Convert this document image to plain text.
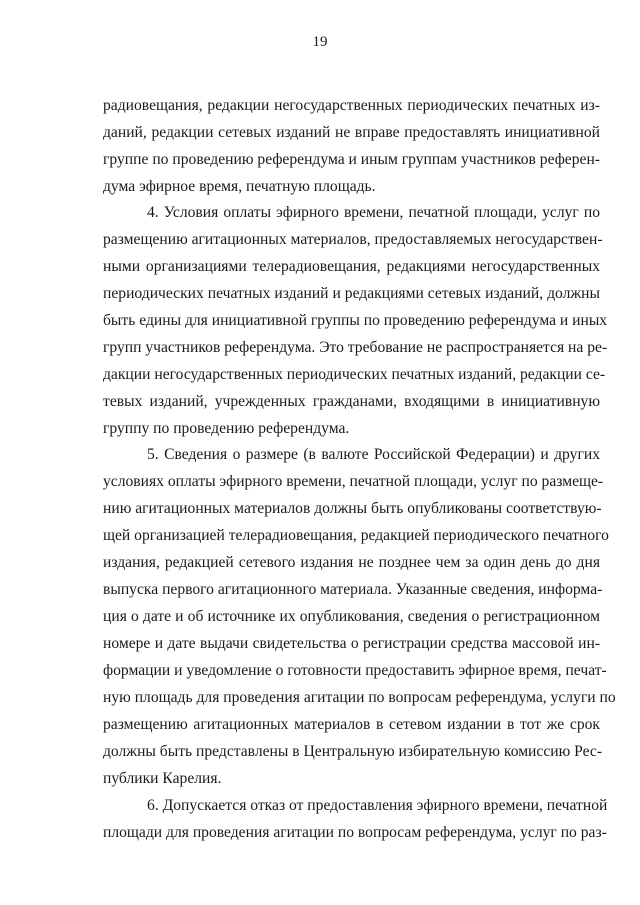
19
радиовещания, редакции негосударственных периодических печатных из-
даний, редакции сетевых изданий не вправе предоставлять инициативной
группе по проведению референдума и иным группам участников референ-
дума эфирное время, печатную площадь.
4. Условия оплаты эфирного времени, печатной площади, услуг по
размещению агитационных материалов, предоставляемых негосударствен-
ными организациями телерадиовещания, редакциями негосударственных
периодических печатных изданий и редакциями сетевых изданий, должны
быть едины для инициативной группы по проведению референдума и иных
групп участников референдума. Это требование не распространяется на ре-
дакции негосударственных периодических печатных изданий, редакции се-
тевых изданий, учрежденных гражданами, входящими в инициативную
группу по проведению референдума.
5. Сведения о размере (в валюте Российской Федерации) и других
условиях оплаты эфирного времени, печатной площади, услуг по размеще-
нию агитационных материалов должны быть опубликованы соответствую-
щей организацией телерадиовещания, редакцией периодического печатного
издания, редакцией сетевого издания не позднее чем за один день до дня
выпуска первого агитационного материала. Указанные сведения, информа-
ция о дате и об источнике их опубликования, сведения о регистрационном
номере и дате выдачи свидетельства о регистрации средства массовой ин-
формации и уведомление о готовности предоставить эфирное время, печат-
ную площадь для проведения агитации по вопросам референдума, услуги по
размещению агитационных материалов в сетевом издании в тот же срок
должны быть представлены в Центральную избирательную комиссию Рес-
публики Карелия.
6. Допускается отказ от предоставления эфирного времени, печатной
площади для проведения агитации по вопросам референдума, услуг по раз-
